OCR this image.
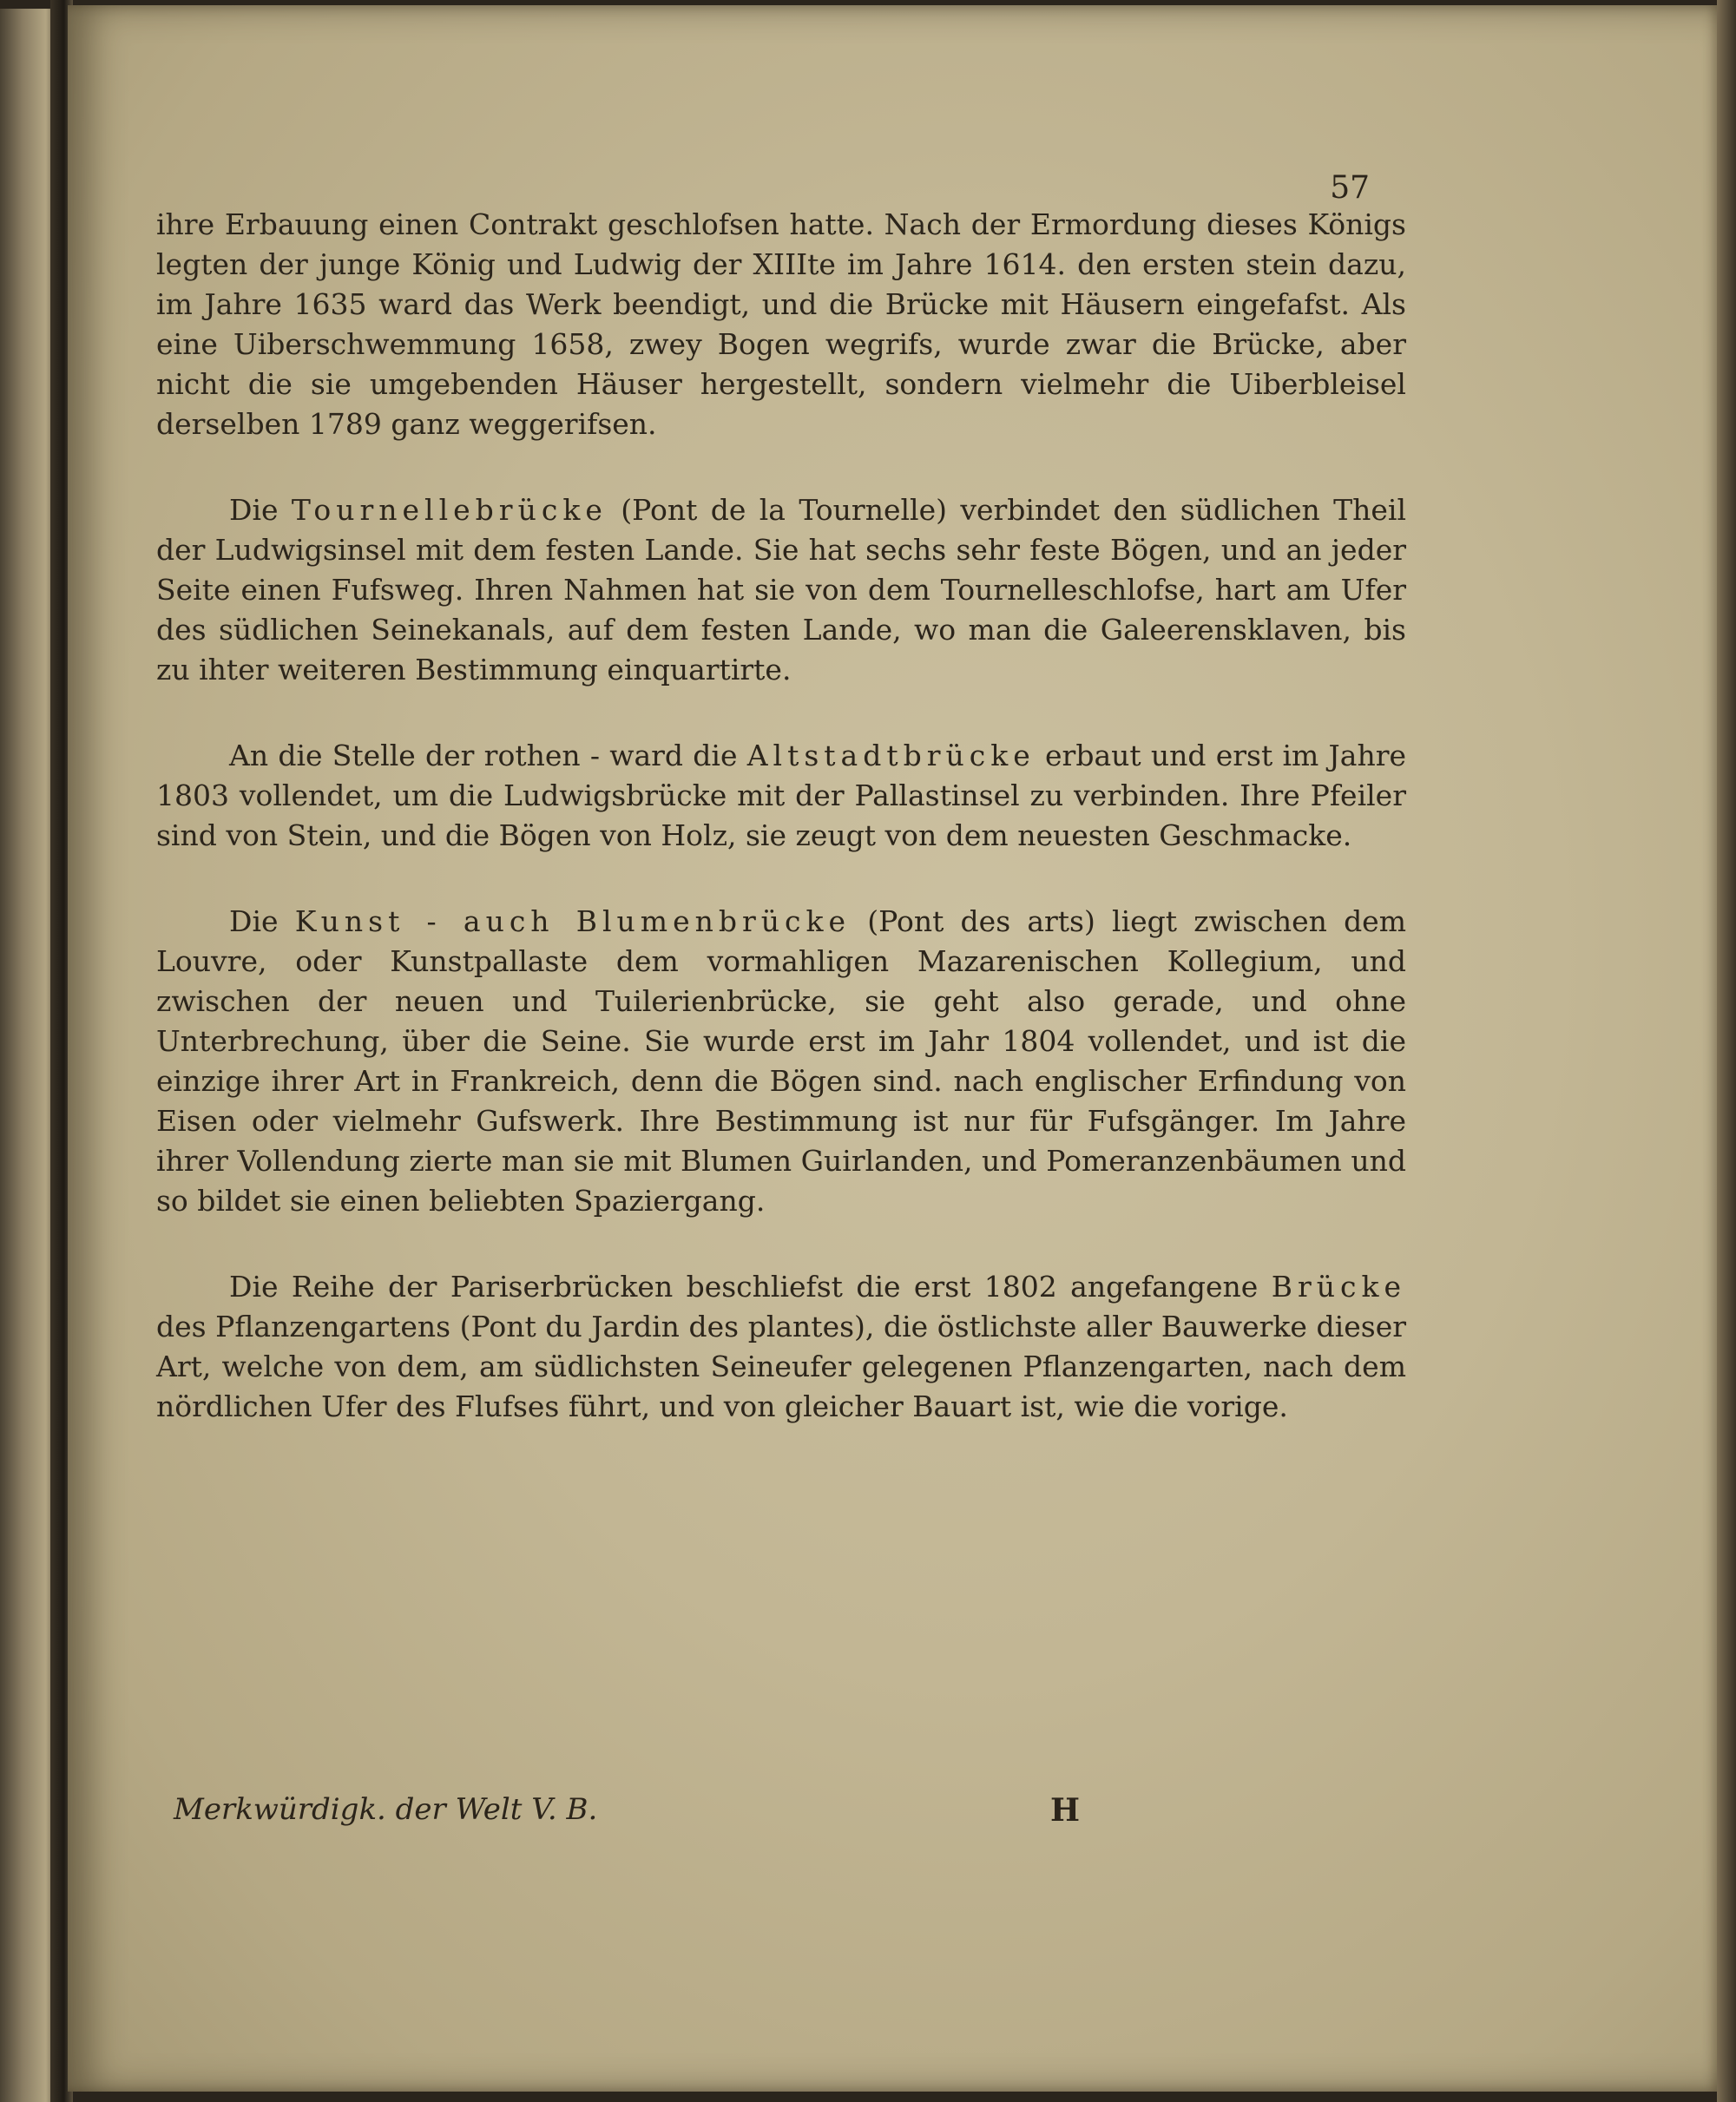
57

ihre Erbauung einen Contrakt geschlofsen hatte. Nach der Ermordung dieses Königs legten der junge König und Ludwig der XIIIte im Jahre 1614. den ersten stein dazu, im Jahre 1635 ward das Werk beendigt, und die Brücke mit Häusern eingefafst. Als eine Uiberschwemmung 1658, zwey Bogen wegrifs, wurde zwar die Brücke, aber nicht die sie umgebenden Häuser hergestellt, sondern vielmehr die Uiberbleisel derselben 1789 ganz weggerifsen.

Die Tournellebrücke (Pont de la Tournelle) verbindet den südlichen Theil der Ludwigsinsel mit dem festen Lande. Sie hat sechs sehr feste Bögen, und an jeder Seite einen Fufsweg. Ihren Nahmen hat sie von dem Tournelleschlofse, hart am Ufer des südlichen Seinekanals, auf dem festen Lande, wo man die Galeerensklaven, bis zu ihter weiteren Bestimmung einquartirte.

An die Stelle der rothen - ward die Altstadtbrücke erbaut und erst im Jahre 1803 vollendet, um die Ludwigsbrücke mit der Pallastinsel zu verbinden. Ihre Pfeiler sind von Stein, und die Bögen von Holz, sie zeugt von dem neuesten Geschmacke.

Die Kunst - auch Blumenbrücke (Pont des arts) liegt zwischen dem Louvre, oder Kunstpallaste dem vormahligen Mazarenischen Kollegium, und zwischen der neuen und Tuilerienbrücke, sie geht also gerade, und ohne Unterbrechung, über die Seine. Sie wurde erst im Jahr 1804 vollendet, und ist die einzige ihrer Art in Frankreich, denn die Bögen sind. nach englischer Erfindung von Eisen oder vielmehr Gufswerk. Ihre Bestimmung ist nur für Fufsgänger. Im Jahre ihrer Vollendung zierte man sie mit Blumen Guirlanden, und Pomeranzenbäumen und so bildet sie einen beliebten Spaziergang.

Die Reihe der Pariserbrücken beschliefst die erst 1802 angefangene Brücke des Pflanzengartens (Pont du Jardin des plantes), die östlichste aller Bauwerke dieser Art, welche von dem, am südlichsten Seineufer gelegenen Pflanzengarten, nach dem nördlichen Ufer des Flufses führt, und von gleicher Bauart ist, wie die vorige.

Merkwürdigk. der Welt V. B.	H
